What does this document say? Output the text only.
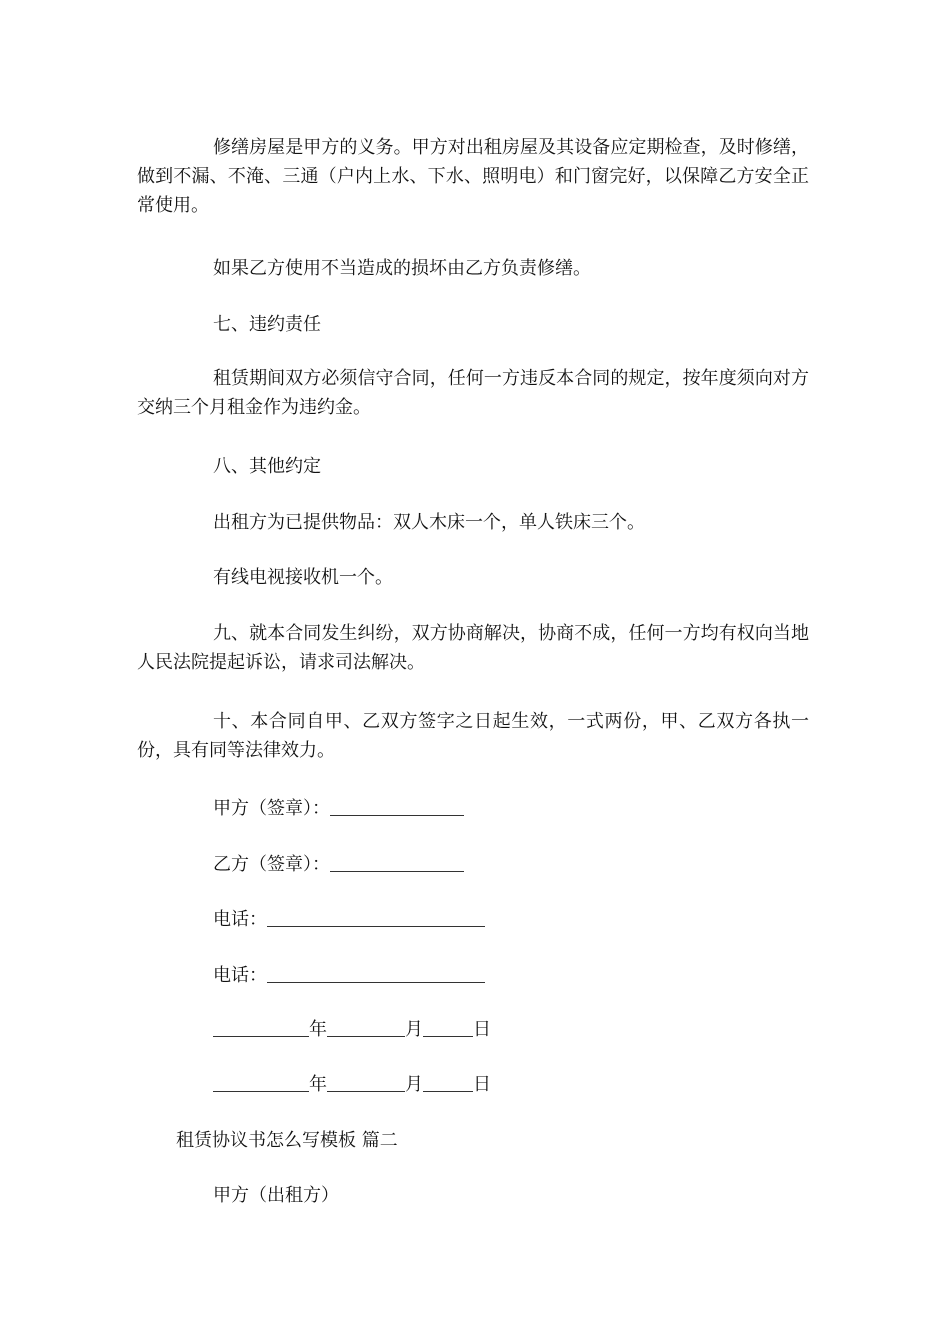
修缮房屋是甲方的义务。甲方对出租房屋及其设备应定期检查，及时修缮，做到不漏、不淹、三通（户内上水、下水、照明电）和门窗完好，以保障乙方安全正常使用。

如果乙方使用不当造成的损坏由乙方负责修缮。

七、违约责任

租赁期间双方必须信守合同，任何一方违反本合同的规定，按年度须向对方交纳三个月租金作为违约金。

八、其他约定

出租方为已提供物品：双人木床一个，单人铁床三个。

有线电视接收机一个。

九、就本合同发生纠纷，双方协商解决，协商不成，任何一方均有权向当地人民法院提起诉讼，请求司法解决。

十、本合同自甲、乙双方签字之日起生效，一式两份，甲、乙双方各执一份，具有同等法律效力。

甲方（签章）：
乙方（签章）：
电话：
电话：
年	月	日
年	月	日
租赁协议书怎么写模板 篇二
甲方（出租方）
